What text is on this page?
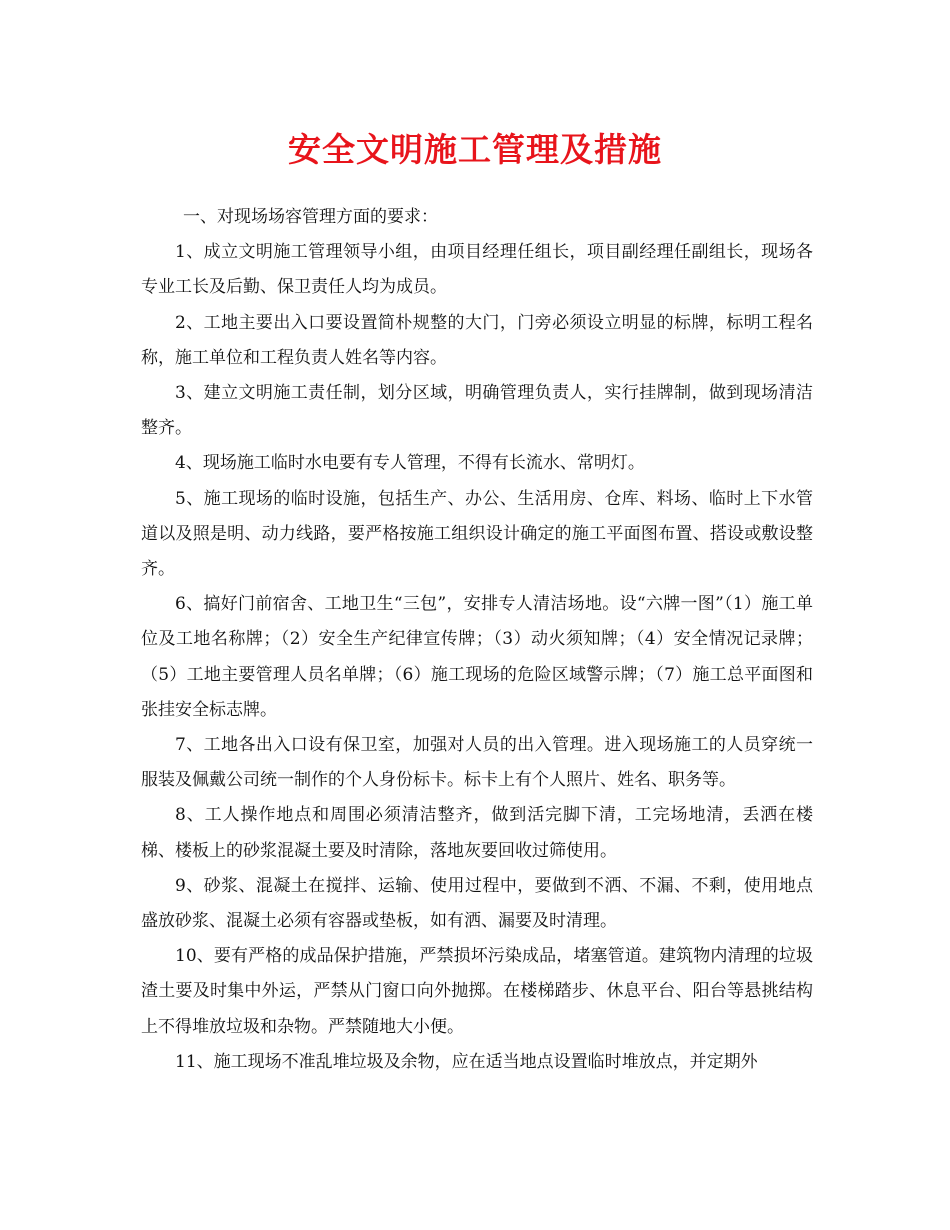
安全文明施工管理及措施

一、对现场场容管理方面的要求：

1、成立文明施工管理领导小组，由项目经理任组长，项目副经理任副组长，现场各专业工长及后勤、保卫责任人均为成员。

2、工地主要出入口要设置简朴规整的大门，门旁必须设立明显的标牌，标明工程名称，施工单位和工程负责人姓名等内容。

3、建立文明施工责任制，划分区域，明确管理负责人，实行挂牌制，做到现场清洁整齐。

4、现场施工临时水电要有专人管理，不得有长流水、常明灯。

5、施工现场的临时设施，包括生产、办公、生活用房、仓库、料场、临时上下水管道以及照是明、动力线路，要严格按施工组织设计确定的施工平面图布置、搭设或敷设整齐。

6、搞好门前宿舍、工地卫生“三包”，安排专人清洁场地。设“六牌一图”（1）施工单位及工地名称牌；（2）安全生产纪律宣传牌；（3）动火须知牌；（4）安全情况记录牌；（5）工地主要管理人员名单牌；（6）施工现场的危险区域警示牌；（7）施工总平面图和张挂安全标志牌。

7、工地各出入口设有保卫室，加强对人员的出入管理。进入现场施工的人员穿统一服装及佩戴公司统一制作的个人身份标卡。标卡上有个人照片、姓名、职务等。

8、工人操作地点和周围必须清洁整齐，做到活完脚下清，工完场地清，丢洒在楼梯、楼板上的砂浆混凝土要及时清除，落地灰要回收过筛使用。

9、砂浆、混凝土在搅拌、运输、使用过程中，要做到不洒、不漏、不剩，使用地点盛放砂浆、混凝土必须有容器或垫板，如有洒、漏要及时清理。

10、要有严格的成品保护措施，严禁损坏污染成品，堵塞管道。建筑物内清理的垃圾渣土要及时集中外运，严禁从门窗口向外抛掷。在楼梯踏步、休息平台、阳台等悬挑结构上不得堆放垃圾和杂物。严禁随地大小便。

11、施工现场不准乱堆垃圾及余物，应在适当地点设置临时堆放点，并定期外
